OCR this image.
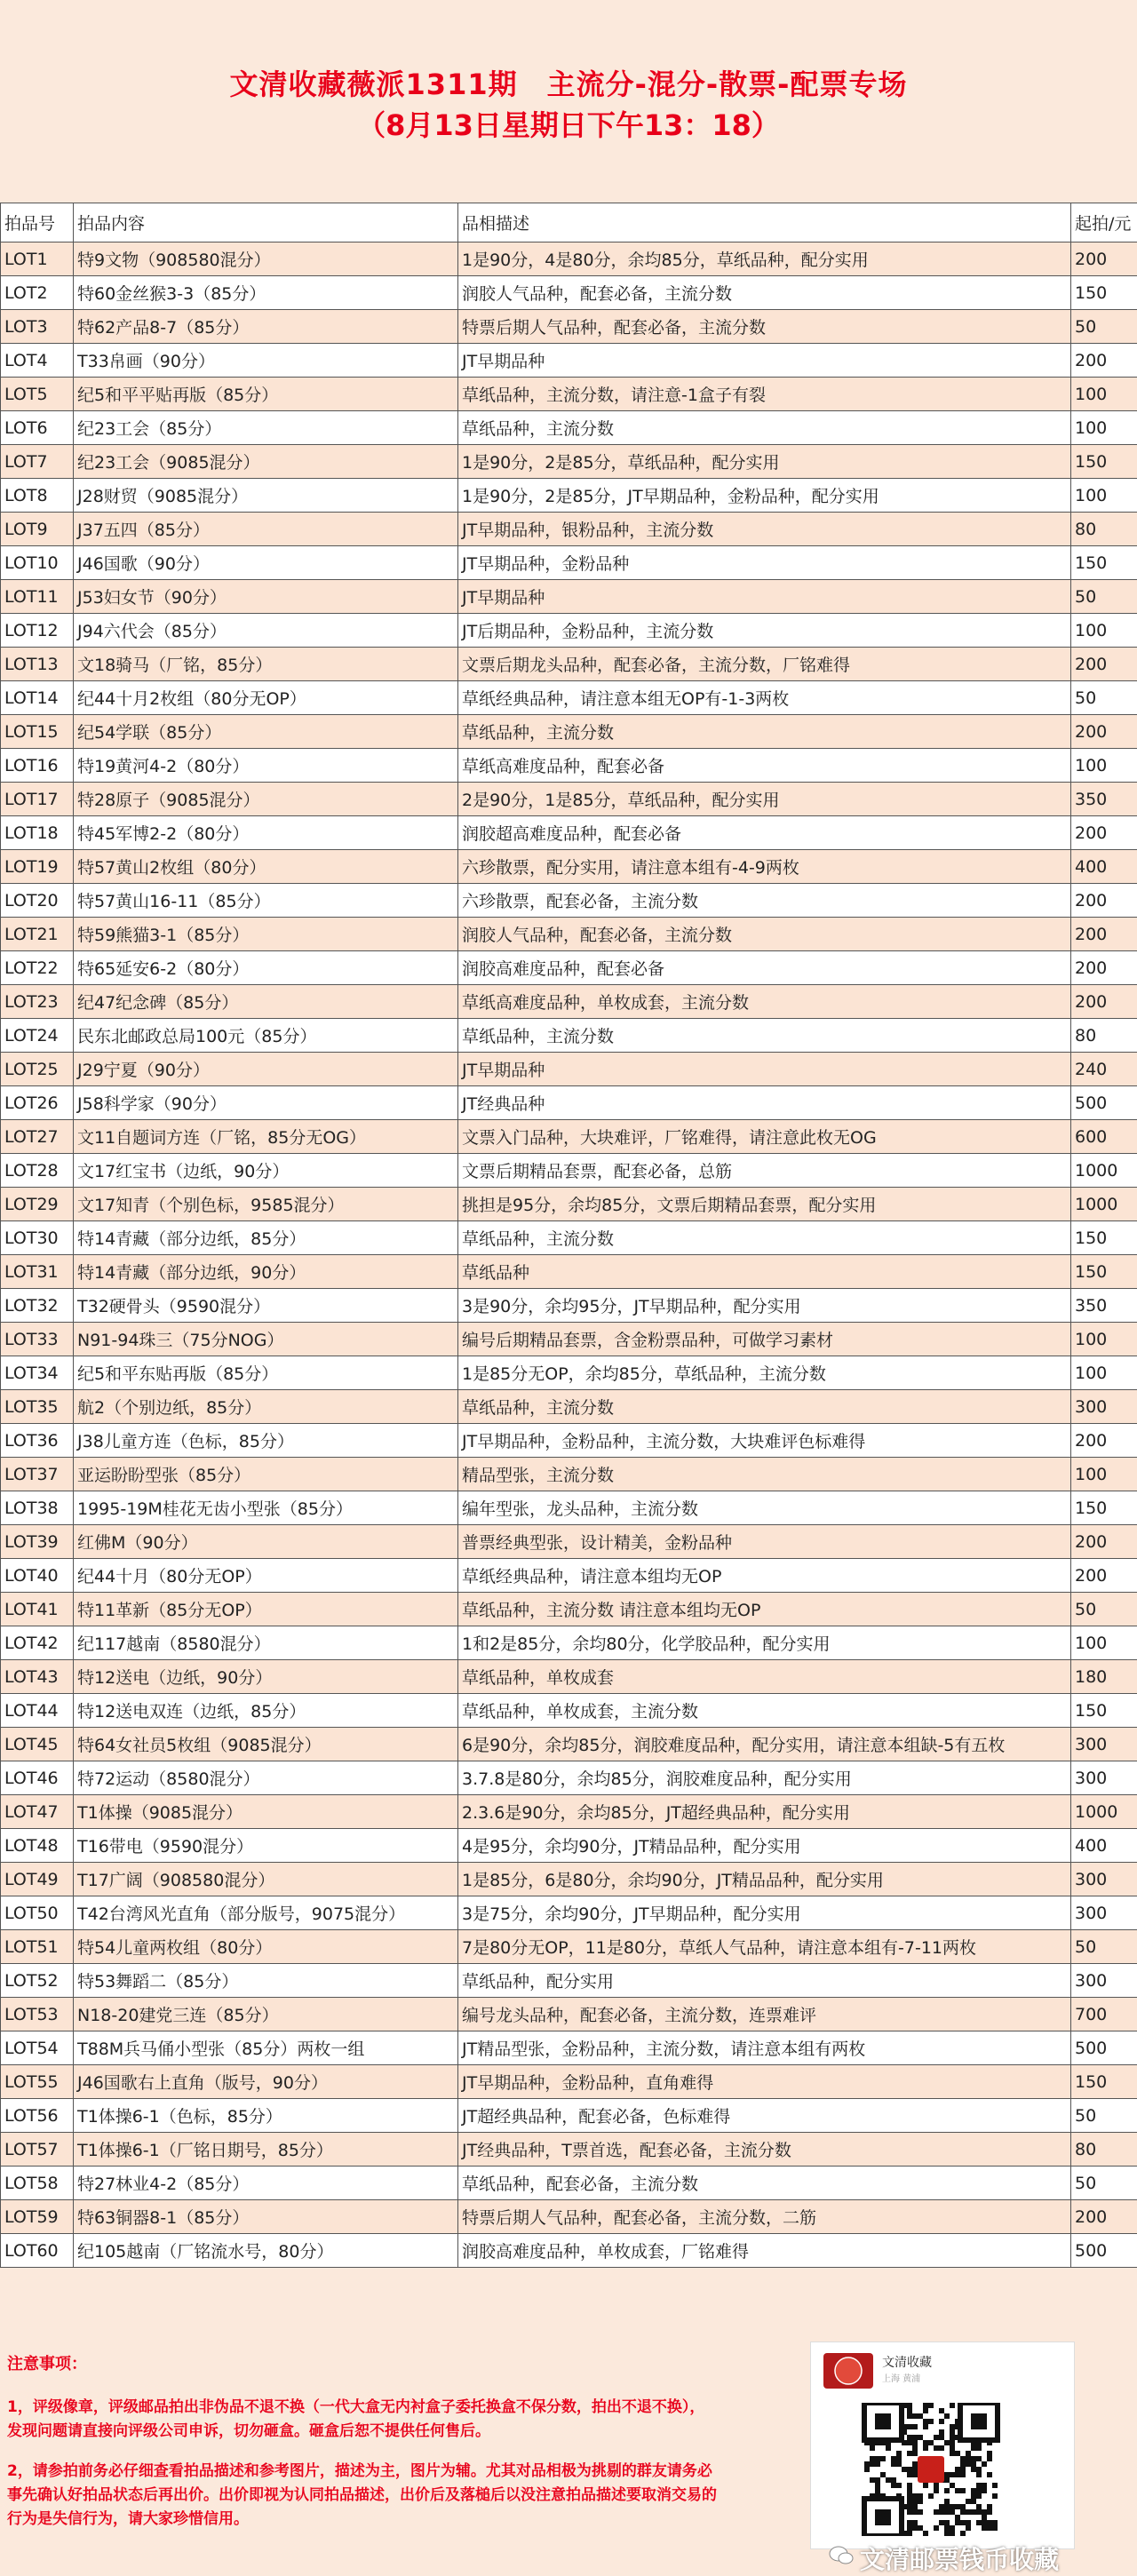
文清收藏薇派1311期　主流分-混分-散票-配票专场
（8月13日星期日下午13：18）
拍品号	拍品内容	品相描述	起拍/元
LOT1	特9文物（908580混分）	1是90分，4是80分，余均85分，草纸品种，配分实用	200
LOT2	特60金丝猴3-3（85分）	润胶人气品种，配套必备，主流分数	150
LOT3	特62产品8-7（85分）	特票后期人气品种，配套必备，主流分数	50
LOT4	T33帛画（90分）	JT早期品种	200
LOT5	纪5和平平贴再版（85分）	草纸品种，主流分数，请注意-1盒子有裂	100
LOT6	纪23工会（85分）	草纸品种，主流分数	100
LOT7	纪23工会（9085混分）	1是90分，2是85分，草纸品种，配分实用	150
LOT8	J28财贸（9085混分）	1是90分，2是85分，JT早期品种，金粉品种，配分实用	100
LOT9	J37五四（85分）	JT早期品种，银粉品种，主流分数	80
LOT10	J46国歌（90分）	JT早期品种，金粉品种	150
LOT11	J53妇女节（90分）	JT早期品种	50
LOT12	J94六代会（85分）	JT后期品种，金粉品种，主流分数	100
LOT13	文18骑马（厂铭，85分）	文票后期龙头品种，配套必备，主流分数，厂铭难得	200
LOT14	纪44十月2枚组（80分无OP）	草纸经典品种，请注意本组无OP有-1-3两枚	50
LOT15	纪54学联（85分）	草纸品种，主流分数	200
LOT16	特19黄河4-2（80分）	草纸高难度品种，配套必备	100
LOT17	特28原子（9085混分）	2是90分，1是85分，草纸品种，配分实用	350
LOT18	特45军博2-2（80分）	润胶超高难度品种，配套必备	200
LOT19	特57黄山2枚组（80分）	六珍散票，配分实用，请注意本组有-4-9两枚	400
LOT20	特57黄山16-11（85分）	六珍散票，配套必备，主流分数	200
LOT21	特59熊猫3-1（85分）	润胶人气品种，配套必备，主流分数	200
LOT22	特65延安6-2（80分）	润胶高难度品种，配套必备	200
LOT23	纪47纪念碑（85分）	草纸高难度品种，单枚成套，主流分数	200
LOT24	民东北邮政总局100元（85分）	草纸品种，主流分数	80
LOT25	J29宁夏（90分）	JT早期品种	240
LOT26	J58科学家（90分）	JT经典品种	500
LOT27	文11自题词方连（厂铭，85分无OG）	文票入门品种，大块难评，厂铭难得，请注意此枚无OG	600
LOT28	文17红宝书（边纸，90分）	文票后期精品套票，配套必备，总筋	1000
LOT29	文17知青（个别色标，9585混分）	挑担是95分，余均85分，文票后期精品套票，配分实用	1000
LOT30	特14青藏（部分边纸，85分）	草纸品种，主流分数	150
LOT31	特14青藏（部分边纸，90分）	草纸品种	150
LOT32	T32硬骨头（9590混分）	3是90分，余均95分，JT早期品种，配分实用	350
LOT33	N91-94珠三（75分NOG）	编号后期精品套票，含金粉票品种，可做学习素材	100
LOT34	纪5和平东贴再版（85分）	1是85分无OP，余均85分，草纸品种，主流分数	100
LOT35	航2（个别边纸，85分）	草纸品种，主流分数	300
LOT36	J38儿童方连（色标，85分）	JT早期品种，金粉品种，主流分数，大块难评色标难得	200
LOT37	亚运盼盼型张（85分）	精品型张，主流分数	100
LOT38	1995-19M桂花无齿小型张（85分）	编年型张，龙头品种，主流分数	150
LOT39	红佛M（90分）	普票经典型张，设计精美，金粉品种	200
LOT40	纪44十月（80分无OP）	草纸经典品种，请注意本组均无OP	200
LOT41	特11革新（85分无OP）	草纸品种，主流分数 请注意本组均无OP	50
LOT42	纪117越南（8580混分）	1和2是85分，余均80分，化学胶品种，配分实用	100
LOT43	特12送电（边纸，90分）	草纸品种，单枚成套	180
LOT44	特12送电双连（边纸，85分）	草纸品种，单枚成套，主流分数	150
LOT45	特64女社员5枚组（9085混分）	6是90分，余均85分，润胶难度品种，配分实用，请注意本组缺-5有五枚	300
LOT46	特72运动（8580混分）	3.7.8是80分，余均85分，润胶难度品种，配分实用	300
LOT47	T1体操（9085混分）	2.3.6是90分，余均85分，JT超经典品种，配分实用	1000
LOT48	T16带电（9590混分）	4是95分，余均90分，JT精品品种，配分实用	400
LOT49	T17广阔（908580混分）	1是85分，6是80分，余均90分，JT精品品种，配分实用	300
LOT50	T42台湾风光直角（部分版号，9075混分）	3是75分，余均90分，JT早期品种，配分实用	300
LOT51	特54儿童两枚组（80分）	7是80分无OP，11是80分，草纸人气品种，请注意本组有-7-11两枚	50
LOT52	特53舞蹈二（85分）	草纸品种，配分实用	300
LOT53	N18-20建党三连（85分）	编号龙头品种，配套必备，主流分数，连票难评	700
LOT54	T88M兵马俑小型张（85分）两枚一组	JT精品型张，金粉品种，主流分数，请注意本组有两枚	500
LOT55	J46国歌右上直角（版号，90分）	JT早期品种，金粉品种，直角难得	150
LOT56	T1体操6-1（色标，85分）	JT超经典品种，配套必备，色标难得	50
LOT57	T1体操6-1（厂铭日期号，85分）	JT经典品种，T票首选，配套必备，主流分数	80
LOT58	特27林业4-2（85分）	草纸品种，配套必备，主流分数	50
LOT59	特63铜器8-1（85分）	特票后期人气品种，配套必备，主流分数，二筋	200
LOT60	纪105越南（厂铭流水号，80分）	润胶高难度品种，单枚成套，厂铭难得	500

注意事项：

1，评级像章，评级邮品拍出非伪品不退不换（一代大盒无内衬盒子委托换盒不保分数，拍出不退不换），发现问题请直接向评级公司申诉，切勿砸盒。砸盒后恕不提供任何售后。

2，请参拍前务必仔细查看拍品描述和参考图片，描述为主，图片为辅。尤其对品相极为挑剔的群友请务必事先确认好拍品状态后再出价。出价即视为认同拍品描述，出价后及落槌后以没注意拍品描述要取消交易的行为是失信行为，请大家珍惜信用。

文清收藏
上海 黄浦
文清邮票钱币收藏
